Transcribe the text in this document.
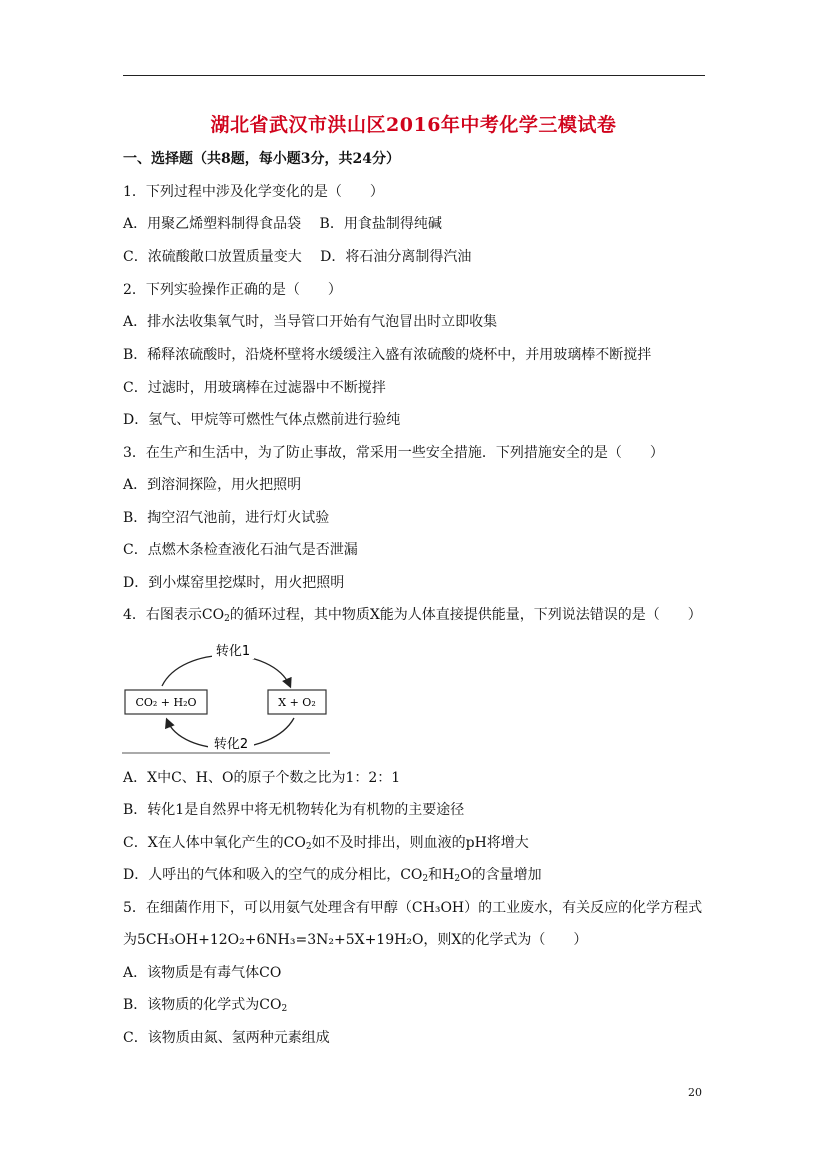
湖北省武汉市洪山区2016年中考化学三模试卷
一、选择题（共8题，每小题3分，共24分）
1．下列过程中涉及化学变化的是（　　）
A．用聚乙烯塑料制得食品袋　 B．用食盐制得纯碱
C．浓硫酸敞口放置质量变大　 D．将石油分离制得汽油
2．下列实验操作正确的是（　　）
A．排水法收集氧气时，当导管口开始有气泡冒出时立即收集
B．稀释浓硫酸时，沿烧杯壁将水缓缓注入盛有浓硫酸的烧杯中，并用玻璃棒不断搅拌
C．过滤时，用玻璃棒在过滤器中不断搅拌
D．氢气、甲烷等可燃性气体点燃前进行验纯
3．在生产和生活中，为了防止事故，常采用一些安全措施．下列措施安全的是（　　）
A．到溶洞探险，用火把照明
B．掏空沼气池前，进行灯火试验
C．点燃木条检查液化石油气是否泄漏
D．到小煤窑里挖煤时，用火把照明
4．右图表示$CO_2$的循环过程，其中物质X能为人体直接提供能量，下列说法错误的是（　　）
转化1
CO₂ + H₂O	X + O₂
转化2
A．X中C、H、O的原子个数之比为1：2：1
B．转化1是自然界中将无机物转化为有机物的主要途径
C．X在人体中氧化产生的$CO_2$如不及时排出，则血液的pH将增大
D．人呼出的气体和吸入的空气的成分相比，$CO_2$和$H_2O$的含量增加
5．在细菌作用下，可以用氨气处理含有甲醇（CH₃OH）的工业废水，有关反应的化学方程式
为5CH₃OH+12O₂+6NH₃=3N₂+5X+19H₂O，则X的化学式为（　　）
A．该物质是有毒气体CO
B．该物质的化学式为$CO_2$
C．该物质由氮、氢两种元素组成
20
